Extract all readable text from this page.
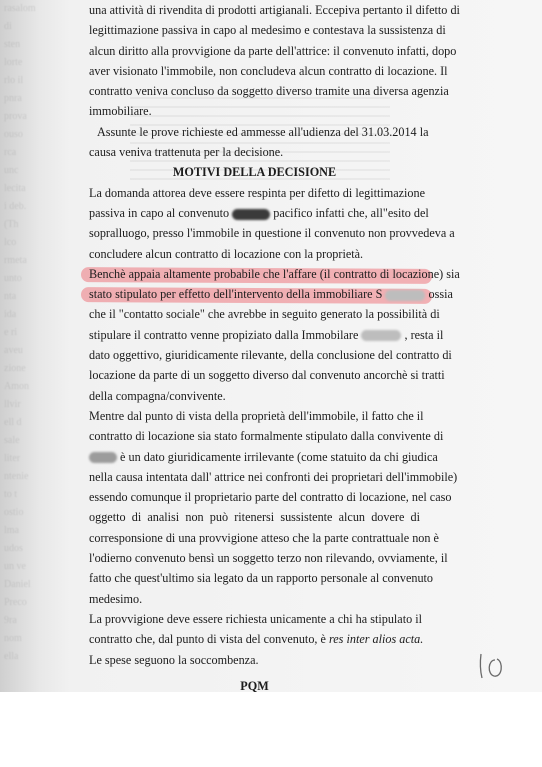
rasalom
di
sten
lorte
rlo il
pnra
prova
ouso
rca
unc
lecita
i deb.
(Th
lco
rmeta
unto
nta
ida
e ri
aveu
zione
Amon
llvir
ell d
sale
liter
ntenie
to t
ostio
lma
udos
un ve
Daniel
Preco
9ra
nom
ella
una attività di rivendita di prodotti artigianali. Eccepiva pertanto il difetto di
legittimazione passiva in capo al medesimo e contestava la sussistenza di
alcun diritto alla provvigione da parte dell'attrice: il convenuto infatti, dopo
aver visionato l'immobile, non concludeva alcun contratto di locazione. Il
contratto veniva concluso da soggetto diverso tramite una diversa agenzia
immobiliare.
Assunte le prove richieste ed ammesse all'udienza del 31.03.2014 la
causa veniva trattenuta per la decisione.
MOTIVI DELLA DECISIONE
La domanda attorea deve essere respinta per difetto di legittimazione
passiva in capo al convenuto	pacifico infatti che, all"esito del
sopralluogo, presso l'immobile in questione il convenuto non provvedeva a
concludere alcun contratto di locazione con la proprietà.
Benchè appaia altamente probabile che l'affare (il contratto di locazione) sia
stato stipulato per effetto dell'intervento della immobiliare S	ossia
che il "contatto sociale" che avrebbe in seguito generato la possibilità di
stipulare il contratto venne propiziato dalla Immobilare	, resta il
dato oggettivo, giuridicamente rilevante, della conclusione del contratto di
locazione da parte di un soggetto diverso dal convenuto ancorchè si tratti
della compagna/convivente.
Mentre dal punto di vista della proprietà dell'immobile, il fatto che il
contratto di locazione sia stato formalmente stipulato dalla convivente di
è un dato giuridicamente irrilevante (come statuito da chi giudica
nella causa intentata dall' attrice nei confronti dei proprietari dell'immobile)
essendo comunque il proprietario parte del contratto di locazione, nel caso
oggetto di analisi non può ritenersi sussistente alcun dovere di
corresponsione di una provvigione atteso che la parte contrattuale non è
l'odierno convenuto bensì un soggetto terzo non rilevando, ovviamente, il
fatto che quest'ultimo sia legato da un rapporto personale al convenuto
medesimo.
La provvigione deve essere richiesta unicamente a chi ha stipulato il
contratto che, dal punto di vista del convenuto, è res inter alios acta.
Le spese seguono la soccombenza.
PQM
